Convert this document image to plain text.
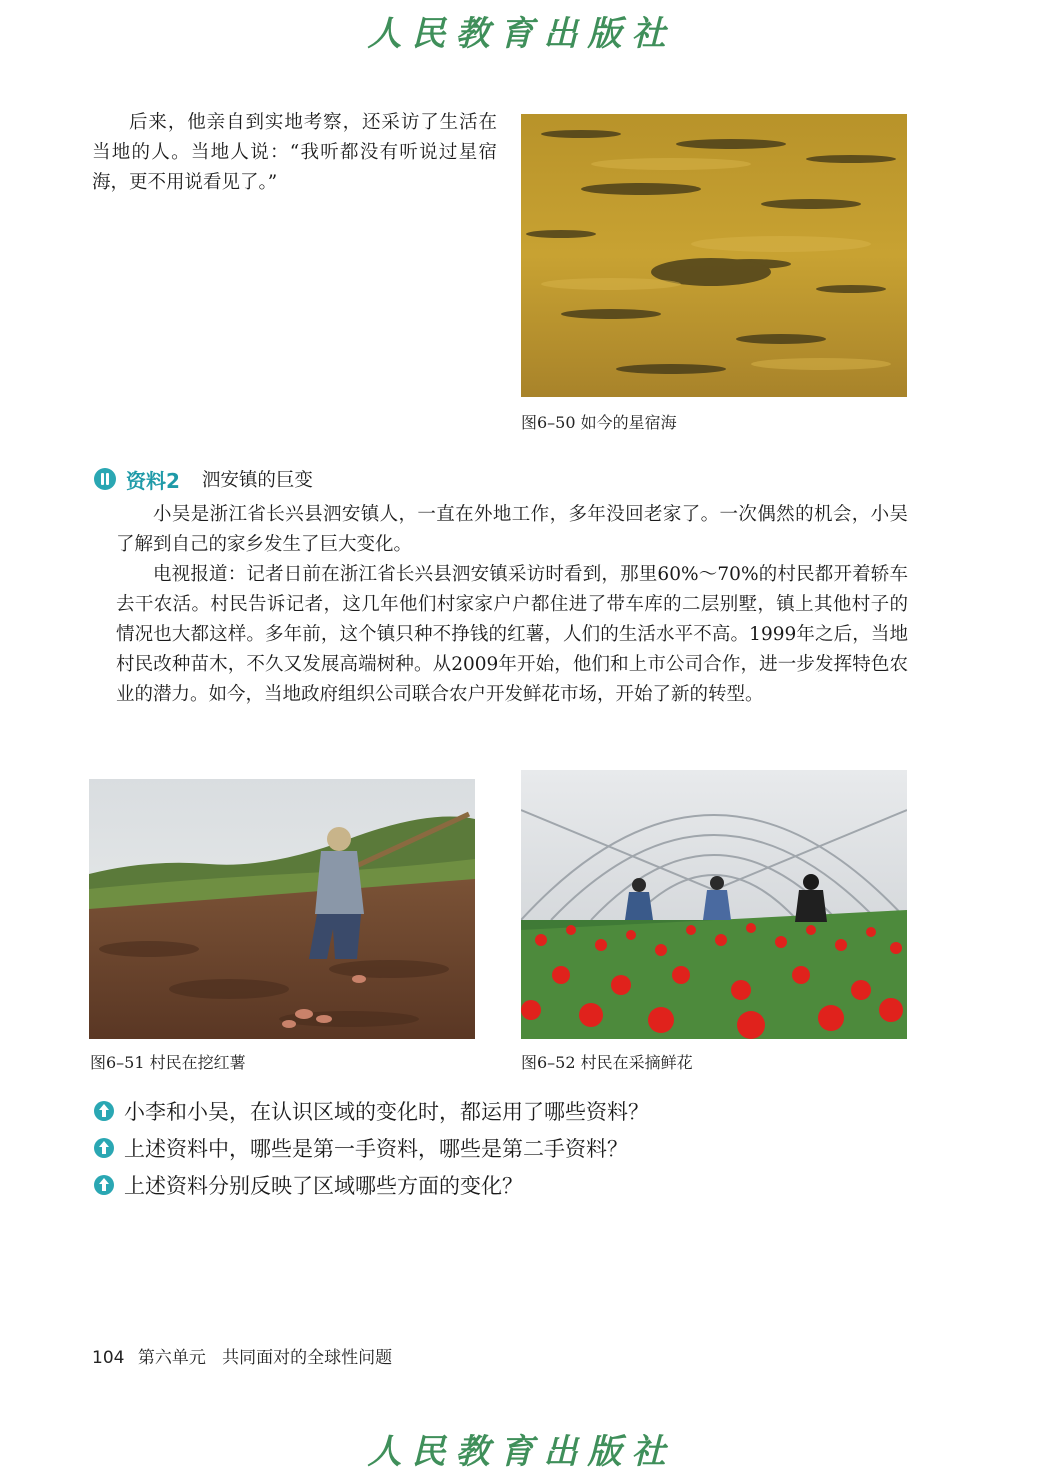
人民教育出版社

后来，他亲自到实地考察，还采访了生活在当地的人。当地人说：“我听都没有听说过星宿海，更不用说看见了。”

图6–50 如今的星宿海
资料2 泗安镇的巨变

小吴是浙江省长兴县泗安镇人，一直在外地工作，多年没回老家了。一次偶然的机会，小吴了解到自己的家乡发生了巨大变化。

电视报道：记者日前在浙江省长兴县泗安镇采访时看到，那里60%～70%的村民都开着轿车去干农活。村民告诉记者，这几年他们村家家户户都住进了带车库的二层别墅，镇上其他村子的情况也大都这样。多年前，这个镇只种不挣钱的红薯，人们的生活水平不高。1999年之后，当地村民改种苗木，不久又发展高端树种。从2009年开始，他们和上市公司合作，进一步发挥特色农业的潜力。如今，当地政府组织公司联合农户开发鲜花市场，开始了新的转型。

图6–51 村民在挖红薯	图6–52 村民在采摘鲜花
小李和小吴，在认识区域的变化时，都运用了哪些资料？
上述资料中，哪些是第一手资料，哪些是第二手资料？
上述资料分别反映了区域哪些方面的变化？
104 第六单元 共同面对的全球性问题
人民教育出版社
